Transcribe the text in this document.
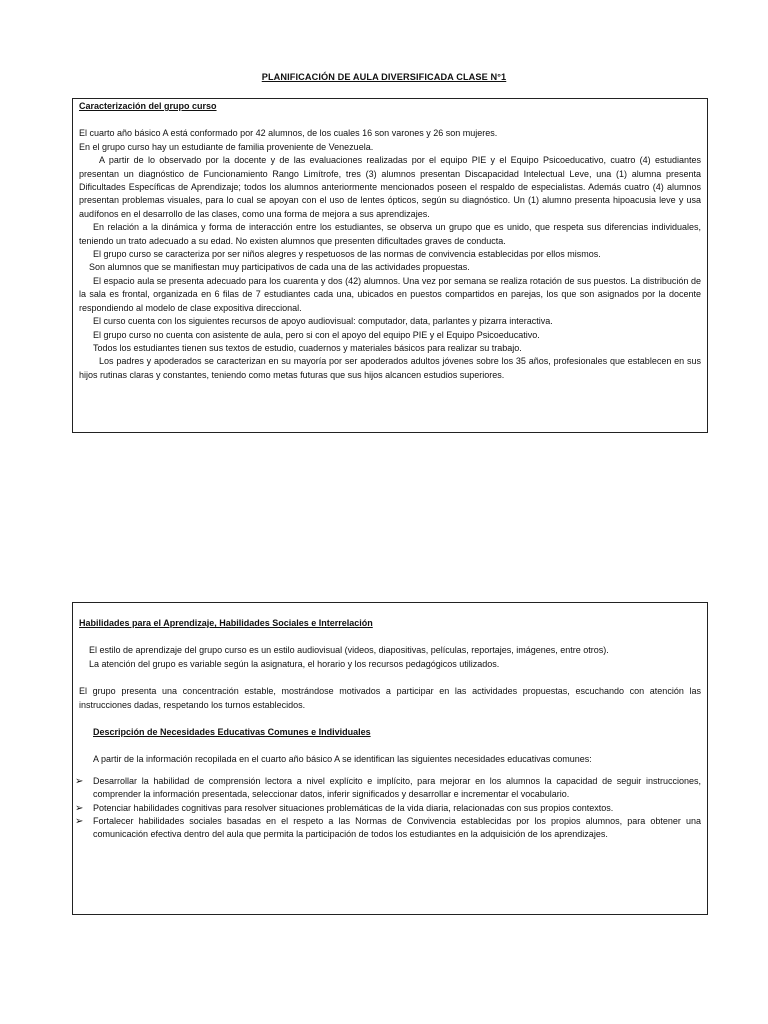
PLANIFICACIÓN DE AULA DIVERSIFICADA CLASE N°1

Caracterización del grupo curso

El cuarto año básico A está conformado por 42 alumnos, de los cuales 16 son varones y 26 son mujeres.

En el grupo curso hay un estudiante de familia proveniente de Venezuela.

A partir de lo observado por la docente y de las evaluaciones realizadas por el equipo PIE y el Equipo Psicoeducativo, cuatro (4) estudiantes presentan un diagnóstico de Funcionamiento Rango Limítrofe, tres (3) alumnos presentan Discapacidad Intelectual Leve, una (1) alumna presenta Dificultades Específicas de Aprendizaje; todos los alumnos anteriormente mencionados poseen el respaldo de especialistas. Además cuatro (4) alumnos presentan problemas visuales, para lo cual se apoyan con el uso de lentes ópticos, según su diagnóstico. Un (1) alumno presenta hipoacusia leve y usa audífonos en el desarrollo de las clases, como una forma de mejora a sus aprendizajes.

En relación a la dinámica y forma de interacción entre los estudiantes, se observa un grupo que es unido, que respeta sus diferencias individuales, teniendo un trato adecuado a su edad. No existen alumnos que presenten dificultades graves de conducta.

El grupo curso se caracteriza por ser niños alegres y respetuosos de las normas de convivencia establecidas por ellos mismos.

Son alumnos que se manifiestan muy participativos de cada una de las actividades propuestas.

El espacio aula se presenta adecuado para los cuarenta y dos (42) alumnos. Una vez por semana se realiza rotación de sus puestos. La distribución de la sala es frontal, organizada en 6 filas de 7 estudiantes cada una, ubicados en puestos compartidos en parejas, los que son asignados por la docente respondiendo al modelo de clase expositiva direccional.

El curso cuenta con los siguientes recursos de apoyo audiovisual: computador, data, parlantes y pizarra interactiva.

El grupo curso no cuenta con asistente de aula, pero si con el apoyo del equipo PIE y el Equipo Psicoeducativo.

Todos los estudiantes tienen sus textos de estudio, cuadernos y materiales básicos para realizar su trabajo.

Los padres y apoderados se caracterizan en su mayoría por ser apoderados adultos jóvenes sobre los 35 años, profesionales que establecen en sus hijos rutinas claras y constantes, teniendo como metas futuras que sus hijos alcancen estudios superiores.

Habilidades para el Aprendizaje, Habilidades Sociales e Interrelación

El estilo de aprendizaje del grupo curso es un estilo audiovisual (videos, diapositivas, películas, reportajes, imágenes, entre otros).

La atención del grupo es variable según la asignatura, el horario y los recursos pedagógicos utilizados.

El grupo presenta una concentración estable, mostrándose motivados a participar en las actividades propuestas, escuchando con atención las instrucciones dadas, respetando los turnos establecidos.

Descripción de Necesidades Educativas Comunes e Individuales

A partir de la información recopilada en el cuarto año básico A se identifican las siguientes necesidades educativas comunes:

➢ Desarrollar la habilidad de comprensión lectora a nivel explícito e implícito, para mejorar en los alumnos la capacidad de seguir instrucciones, comprender la información presentada, seleccionar datos, inferir significados y desarrollar e incrementar el vocabulario.
➢ Potenciar habilidades cognitivas para resolver situaciones problemáticas de la vida diaria, relacionadas con sus propios contextos.
➢ Fortalecer habilidades sociales basadas en el respeto a las Normas de Convivencia establecidas por los propios alumnos, para obtener una comunicación efectiva dentro del aula que permita la participación de todos los estudiantes en la adquisición de los aprendizajes.
